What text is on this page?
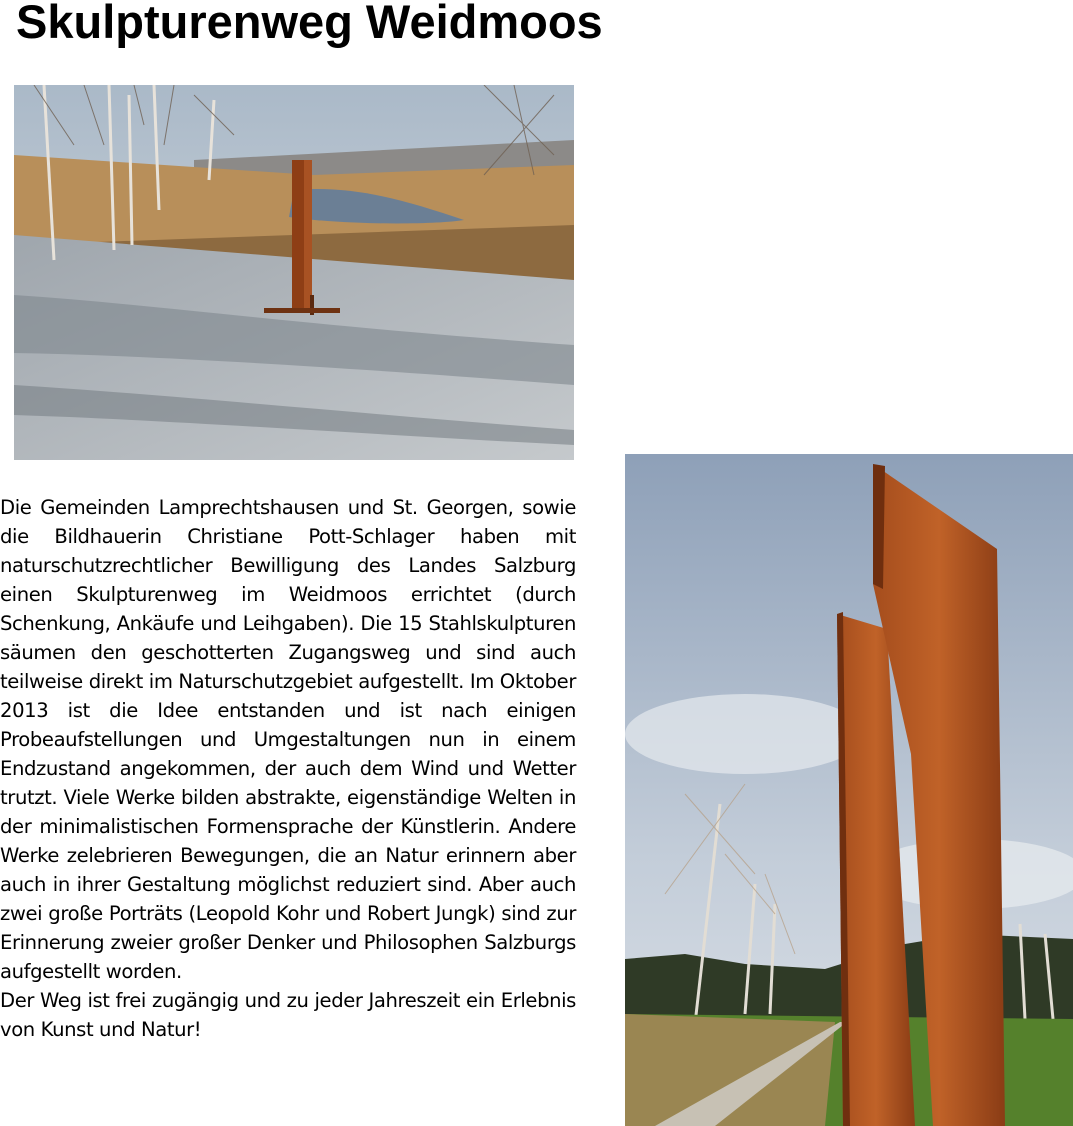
Skulpturenweg Weidmoos

Die Gemeinden Lamprechtshausen und St. Georgen, sowie die Bildhauerin Christiane Pott-Schlager haben mit naturschutzrechtlicher Bewilligung des Landes Salzburg einen Skulpturenweg im Weidmoos errichtet (durch Schenkung, Ankäufe und Leihgaben). Die 15 Stahlskulpturen säumen den geschotterten Zugangsweg und sind auch teilweise direkt im Naturschutzgebiet aufgestellt. Im Oktober 2013 ist die Idee entstanden und ist nach einigen Probeaufstellungen und Umgestaltungen nun in einem Endzustand angekommen, der auch dem Wind und Wetter trutzt. Viele Werke bilden abstrakte, eigenständige Welten in der minimalistischen Formensprache der Künstlerin. Andere Werke zelebrieren Bewegungen, die an Natur erinnern aber auch in ihrer Gestaltung möglichst reduziert sind. Aber auch zwei große Porträts (Leopold Kohr und Robert Jungk) sind zur Erinnerung zweier großer Denker und Philosophen Salzburgs aufgestellt worden.

Der Weg ist frei zugängig und zu jeder Jahreszeit ein Erlebnis von Kunst und Natur!
